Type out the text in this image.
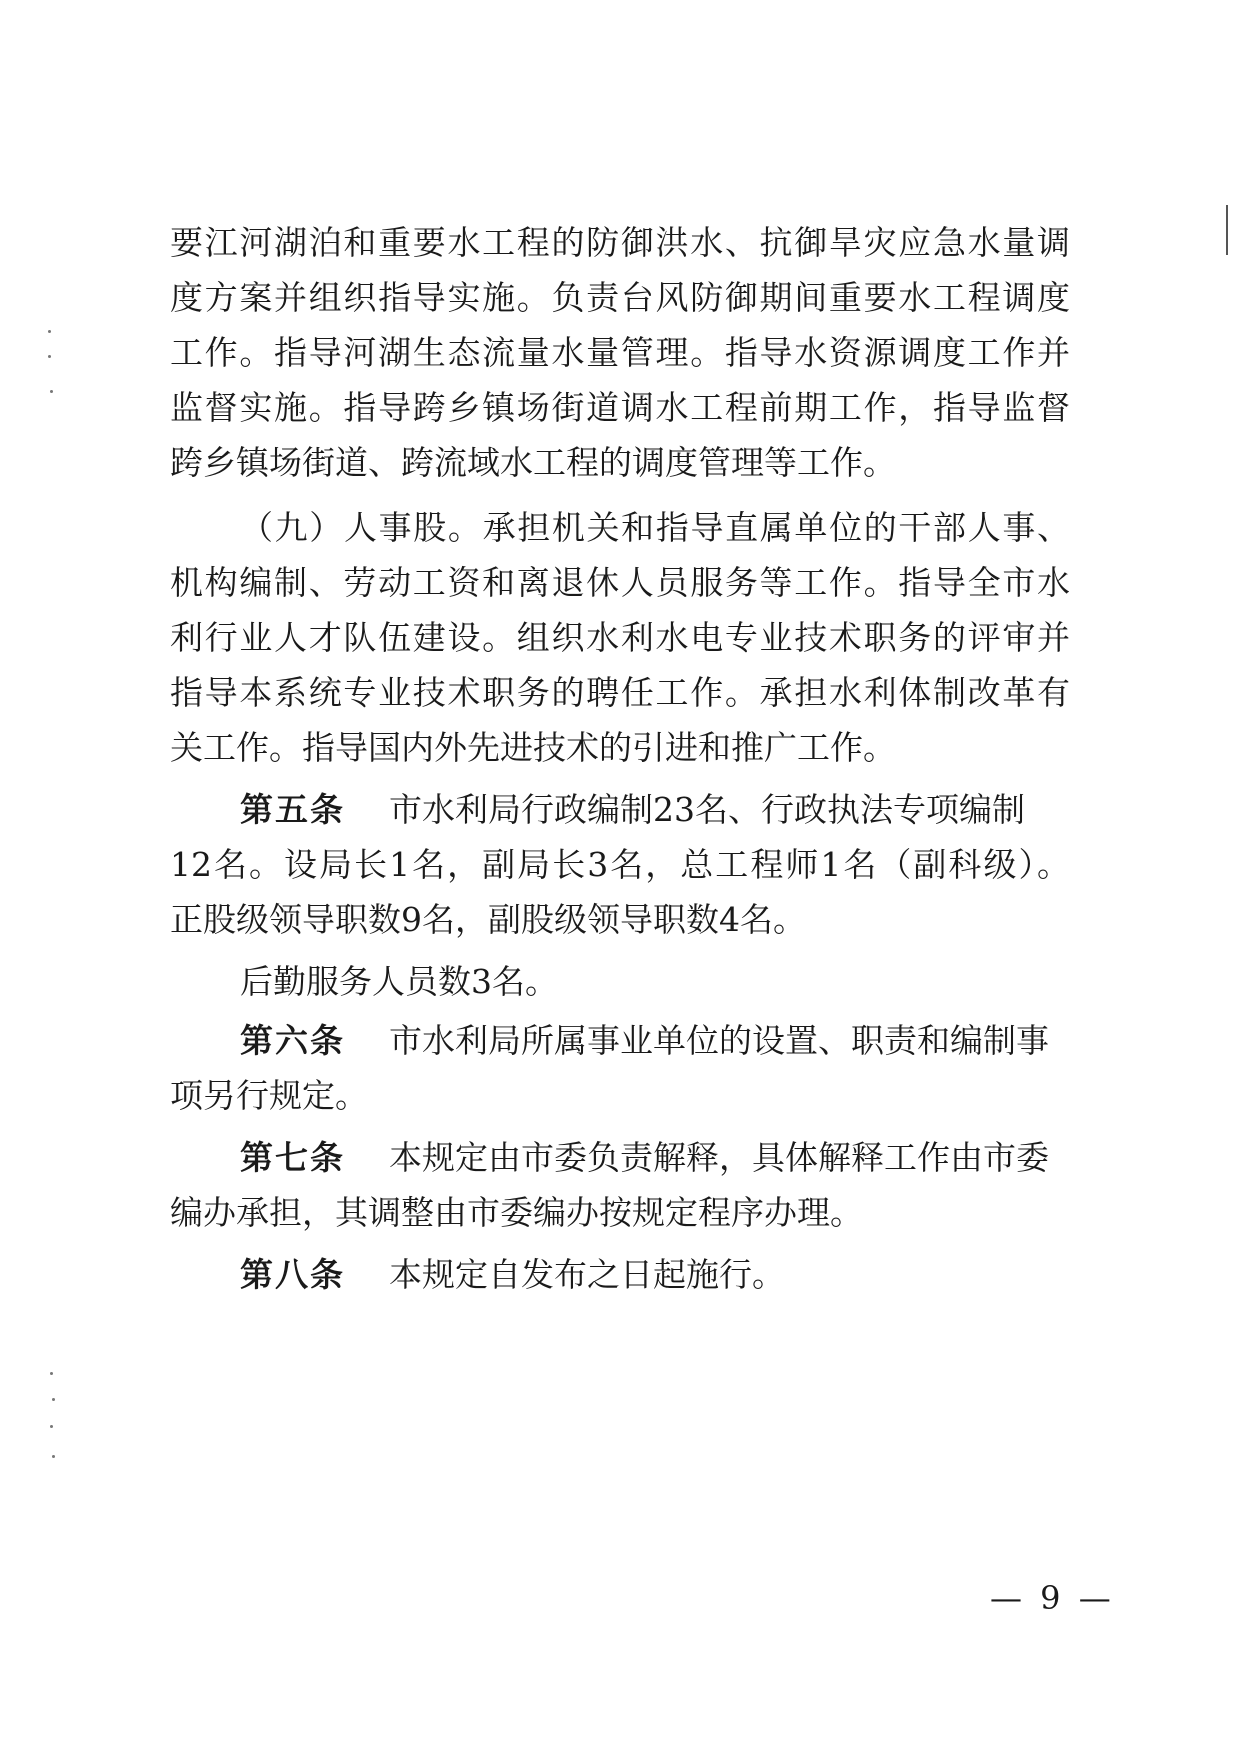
要江河湖泊和重要水工程的防御洪水、抗御旱灾应急水量调
度方案并组织指导实施。负责台风防御期间重要水工程调度
工作。指导河湖生态流量水量管理。指导水资源调度工作并
监督实施。指导跨乡镇场街道调水工程前期工作，指导监督
跨乡镇场街道、跨流域水工程的调度管理等工作。
（九）人事股。承担机关和指导直属单位的干部人事、
机构编制、劳动工资和离退休人员服务等工作。指导全市水
利行业人才队伍建设。组织水利水电专业技术职务的评审并
指导本系统专业技术职务的聘任工作。承担水利体制改革有
关工作。指导国内外先进技术的引进和推广工作。
第五条 市水利局行政编制23名、行政执法专项编制
12名。设局长1名，副局长3名，总工程师1名（副科级）。
正股级领导职数9名，副股级领导职数4名。
后勤服务人员数3名。
第六条 市水利局所属事业单位的设置、职责和编制事
项另行规定。
第七条 本规定由市委负责解释，具体解释工作由市委
编办承担，其调整由市委编办按规定程序办理。
第八条 本规定自发布之日起施行。
— 9 —
